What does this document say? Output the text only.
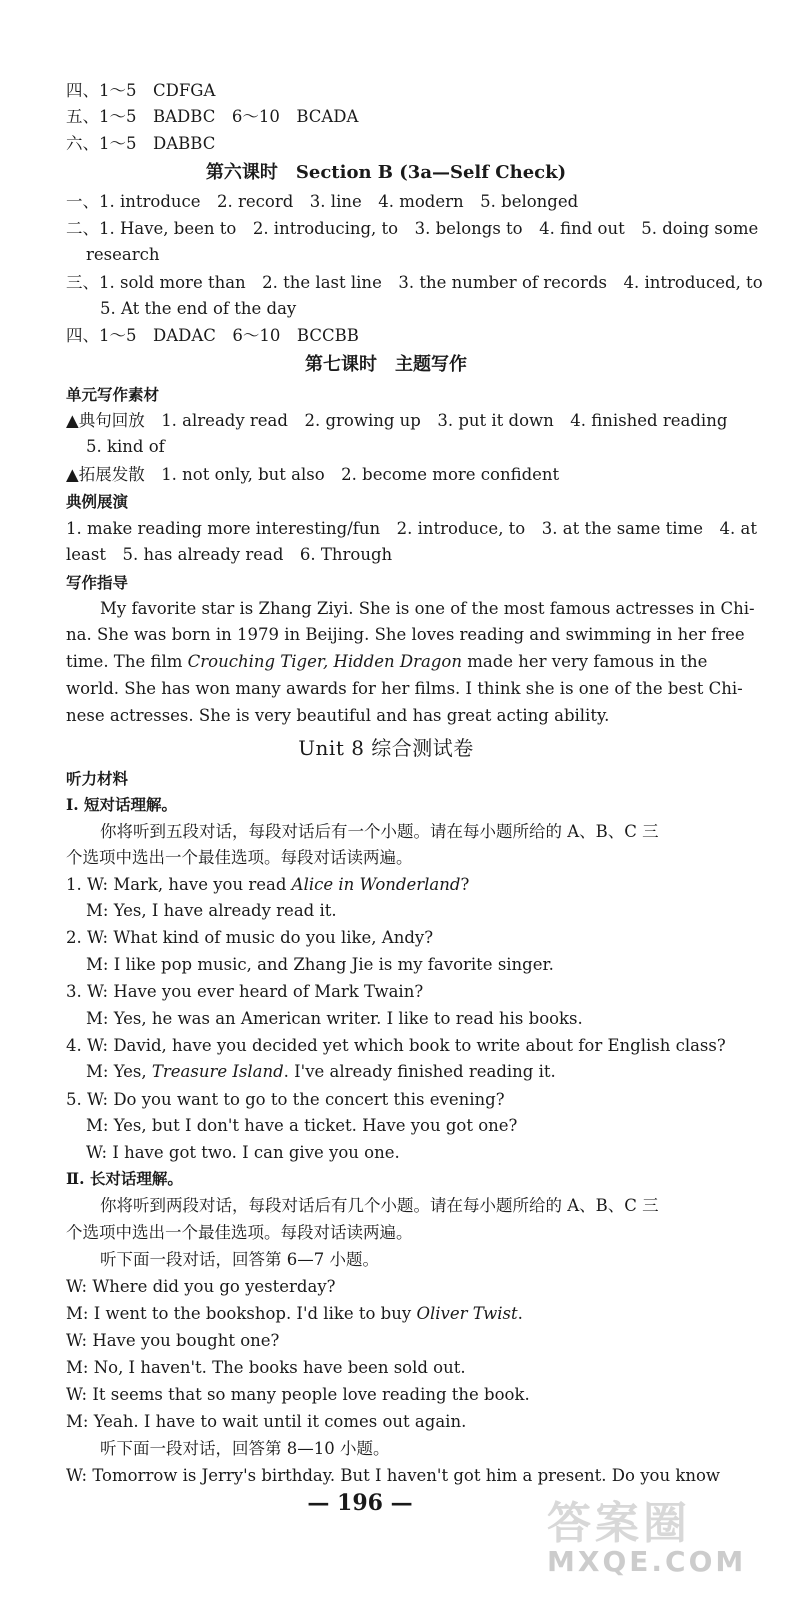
四、1～5　CDFGA
五、1～5　BADBC　6～10　BCADA
六、1～5　DABBC
第六课时　Section B (3a—Self Check)
一、1. introduce　2. record　3. line　4. modern　5. belonged
二、1. Have, been to　2. introducing, to　3. belongs to　4. find out　5. doing some
research
三、1. sold more than　2. the last line　3. the number of records　4. introduced, to
5. At the end of the day
四、1～5　DADAC　6～10　BCCBB
第七课时　主题写作
单元写作素材
▲典句回放　1. already read　2. growing up　3. put it down　4. finished reading
5. kind of
▲拓展发散　1. not only, but also　2. become more confident
典例展演
1. make reading more interesting/fun　2. introduce, to　3. at the same time　4. at
least　5. has already read　6. Through
写作指导
My favorite star is Zhang Ziyi. She is one of the most famous actresses in Chi-
na. She was born in 1979 in Beijing. She loves reading and swimming in her free
time. The film Crouching Tiger, Hidden Dragon made her very famous in the
world. She has won many awards for her films. I think she is one of the best Chi-
nese actresses. She is very beautiful and has great acting ability.
Unit 8 综合测试卷
听力材料
Ⅰ. 短对话理解。
你将听到五段对话，每段对话后有一个小题。请在每小题所给的 A、B、C 三
个选项中选出一个最佳选项。每段对话读两遍。
1. W: Mark, have you read Alice in Wonderland?
M: Yes, I have already read it.
2. W: What kind of music do you like, Andy?
M: I like pop music, and Zhang Jie is my favorite singer.
3. W: Have you ever heard of Mark Twain?
M: Yes, he was an American writer. I like to read his books.
4. W: David, have you decided yet which book to write about for English class?
M: Yes, Treasure Island. I've already finished reading it.
5. W: Do you want to go to the concert this evening?
M: Yes, but I don't have a ticket. Have you got one?
W: I have got two. I can give you one.
Ⅱ. 长对话理解。
你将听到两段对话，每段对话后有几个小题。请在每小题所给的 A、B、C 三
个选项中选出一个最佳选项。每段对话读两遍。
听下面一段对话，回答第 6—7 小题。
W: Where did you go yesterday?
M: I went to the bookshop. I'd like to buy Oliver Twist.
W: Have you bought one?
M: No, I haven't. The books have been sold out.
W: It seems that so many people love reading the book.
M: Yeah. I have to wait until it comes out again.
听下面一段对话，回答第 8—10 小题。
W: Tomorrow is Jerry's birthday. But I haven't got him a present. Do you know
— 196 —	答案圈
MXQE.COM
